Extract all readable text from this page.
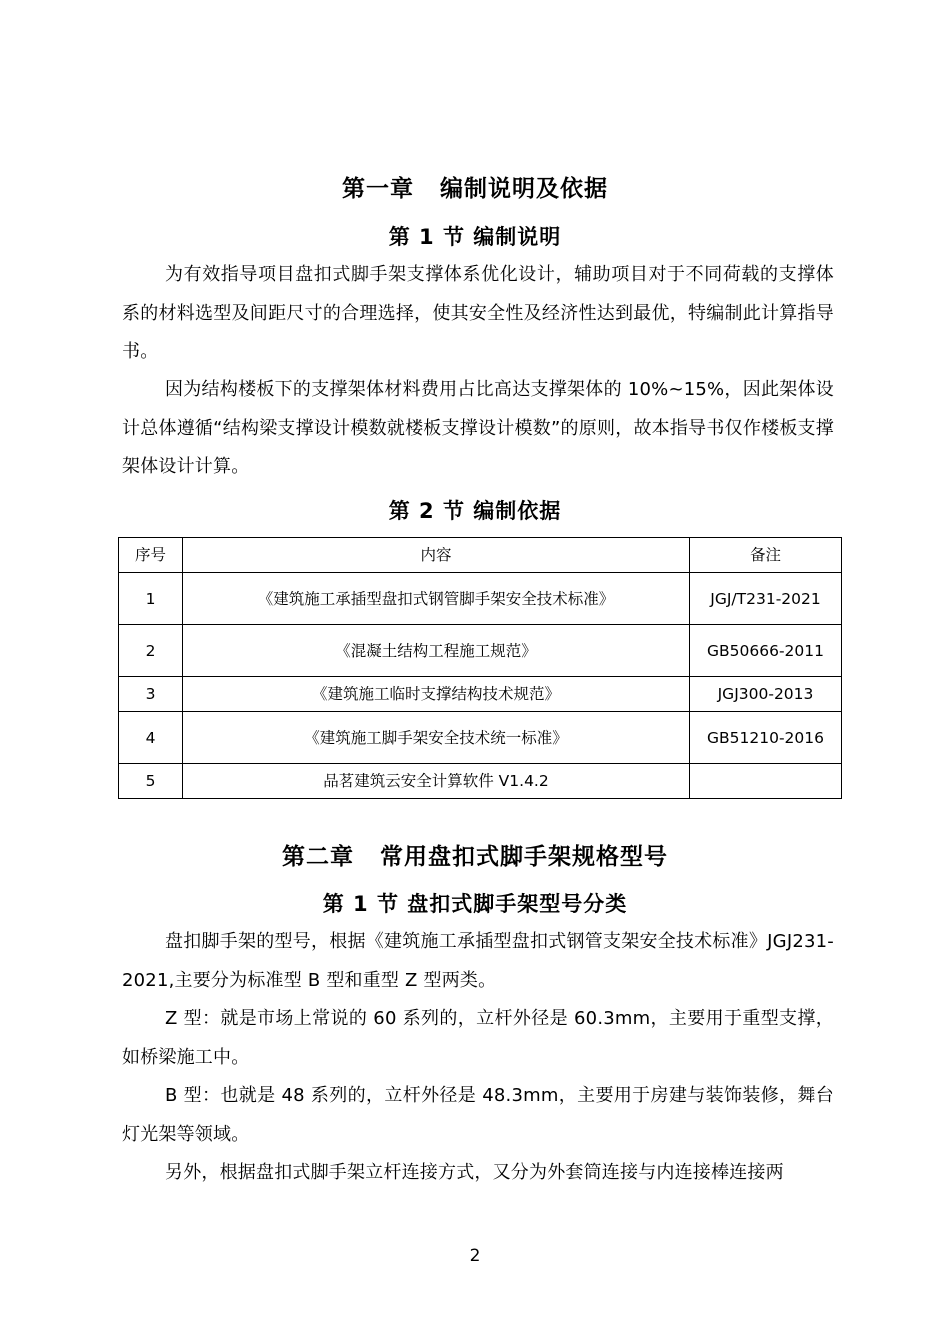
第一章 编制说明及依据
第 1 节 编制说明

为有效指导项目盘扣式脚手架支撑体系优化设计，辅助项目对于不同荷载的支撑体系的材料选型及间距尺寸的合理选择，使其安全性及经济性达到最优，特编制此计算指导书。

因为结构楼板下的支撑架体材料费用占比高达支撑架体的 10%~15%，因此架体设计总体遵循“结构梁支撑设计模数就楼板支撑设计模数”的原则，故本指导书仅作楼板支撑架体设计计算。

第 2 节 编制依据
序号	内容	备注
1	《建筑施工承插型盘扣式钢管脚手架安全技术标准》	JGJ/T231-2021
2	《混凝土结构工程施工规范》	GB50666-2011
3	《建筑施工临时支撑结构技术规范》	JGJ300-2013
4	《建筑施工脚手架安全技术统一标准》	GB51210-2016
5	品茗建筑云安全计算软件 V1.4.2	
第二章 常用盘扣式脚手架规格型号
第 1 节 盘扣式脚手架型号分类

盘扣脚手架的型号，根据《建筑施工承插型盘扣式钢管支架安全技术标准》JGJ231-2021,主要分为标准型 B 型和重型 Z 型两类。

Z 型：就是市场上常说的 60 系列的，立杆外径是 60.3mm，主要用于重型支撑，如桥梁施工中。

B 型：也就是 48 系列的，立杆外径是 48.3mm，主要用于房建与装饰装修，舞台灯光架等领域。

另外，根据盘扣式脚手架立杆连接方式，又分为外套筒连接与内连接棒连接两

2
